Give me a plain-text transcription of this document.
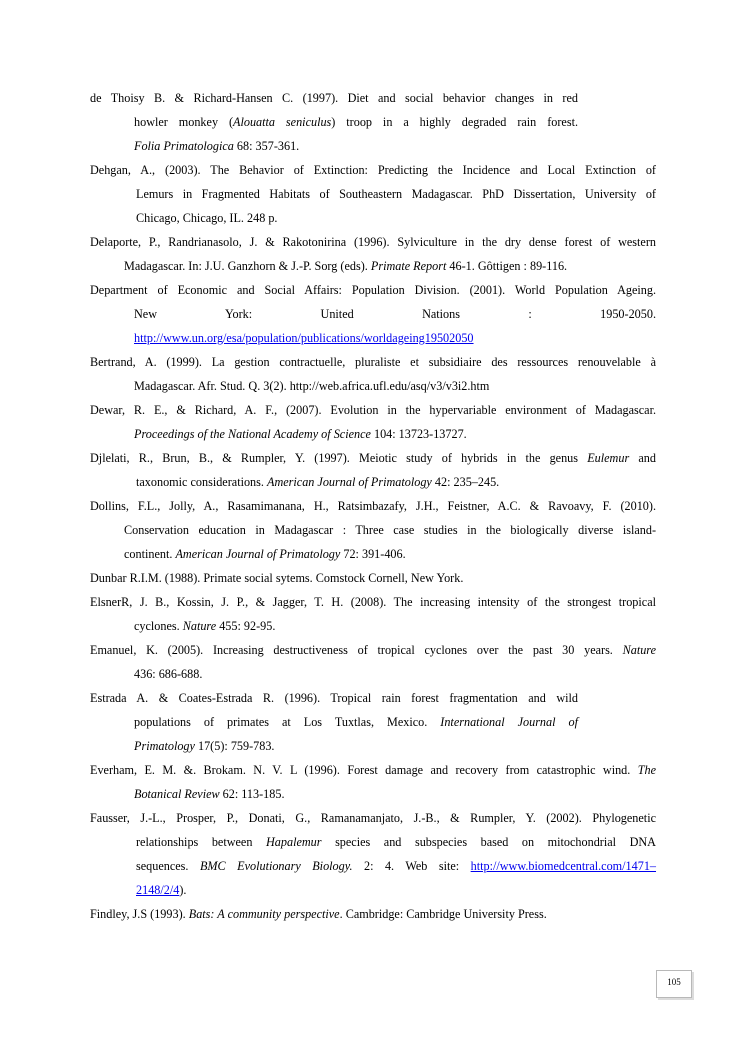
de Thoisy B. & Richard-Hansen C. (1997). Diet and social behavior changes in red
howler monkey (Alouatta seniculus) troop in a highly degraded rain forest.
Folia Primatologica 68: 357-361.

Dehgan, A., (2003). The Behavior of Extinction: Predicting the Incidence and Local Extinction of
Lemurs in Fragmented Habitats of Southeastern Madagascar. PhD Dissertation, University of
Chicago, Chicago, IL. 248 p.

Delaporte, P., Randrianasolo, J. & Rakotonirina (1996). Sylviculture in the dry dense forest of western
Madagascar. In: J.U. Ganzhorn & J.-P. Sorg (eds). Primate Report 46-1. Gôttigen : 89-116.

Department of Economic and Social Affairs: Population Division. (2001). World Population Ageing.
New York: United Nations : 1950-2050.
http://www.un.org/esa/population/publications/worldageing19502050

Bertrand, A. (1999). La gestion contractuelle, pluraliste et subsidiaire des ressources renouvelable à
Madagascar. Afr. Stud. Q. 3(2). http://web.africa.ufl.edu/asq/v3/v3i2.htm

Dewar, R. E., & Richard, A. F., (2007). Evolution in the hypervariable environment of Madagascar.
Proceedings of the National Academy of Science 104: 13723-13727.

Djlelati, R., Brun, B., & Rumpler, Y. (1997). Meiotic study of hybrids in the genus Eulemur and
taxonomic considerations. American Journal of Primatology 42: 235–245.

Dollins, F.L., Jolly, A., Rasamimanana, H., Ratsimbazafy, J.H., Feistner, A.C. & Ravoavy, F. (2010).
Conservation education in Madagascar : Three case studies in the biologically diverse island-
continent. American Journal of Primatology 72: 391-406.

Dunbar R.I.M. (1988). Primate social sytems. Comstock Cornell, New York.

ElsnerR, J. B., Kossin, J. P., & Jagger, T. H. (2008). The increasing intensity of the strongest tropical
cyclones. Nature 455: 92-95.

Emanuel, K. (2005). Increasing destructiveness of tropical cyclones over the past 30 years. Nature
436: 686-688.

Estrada A. & Coates-Estrada R. (1996). Tropical rain forest fragmentation and wild
populations of primates at Los Tuxtlas, Mexico. International Journal of
Primatology 17(5): 759-783.

Everham, E. M. &. Brokam. N. V. L (1996). Forest damage and recovery from catastrophic wind. The
Botanical Review 62: 113-185.

Fausser, J.-L., Prosper, P., Donati, G., Ramanamanjato, J.-B., & Rumpler, Y. (2002). Phylogenetic
relationships between Hapalemur species and subspecies based on mitochondrial DNA
sequences. BMC Evolutionary Biology. 2: 4. Web site: http://www.biomedcentral.com/1471–
2148/2/4).

Findley, J.S (1993). Bats: A community perspective. Cambridge: Cambridge University Press.

105
